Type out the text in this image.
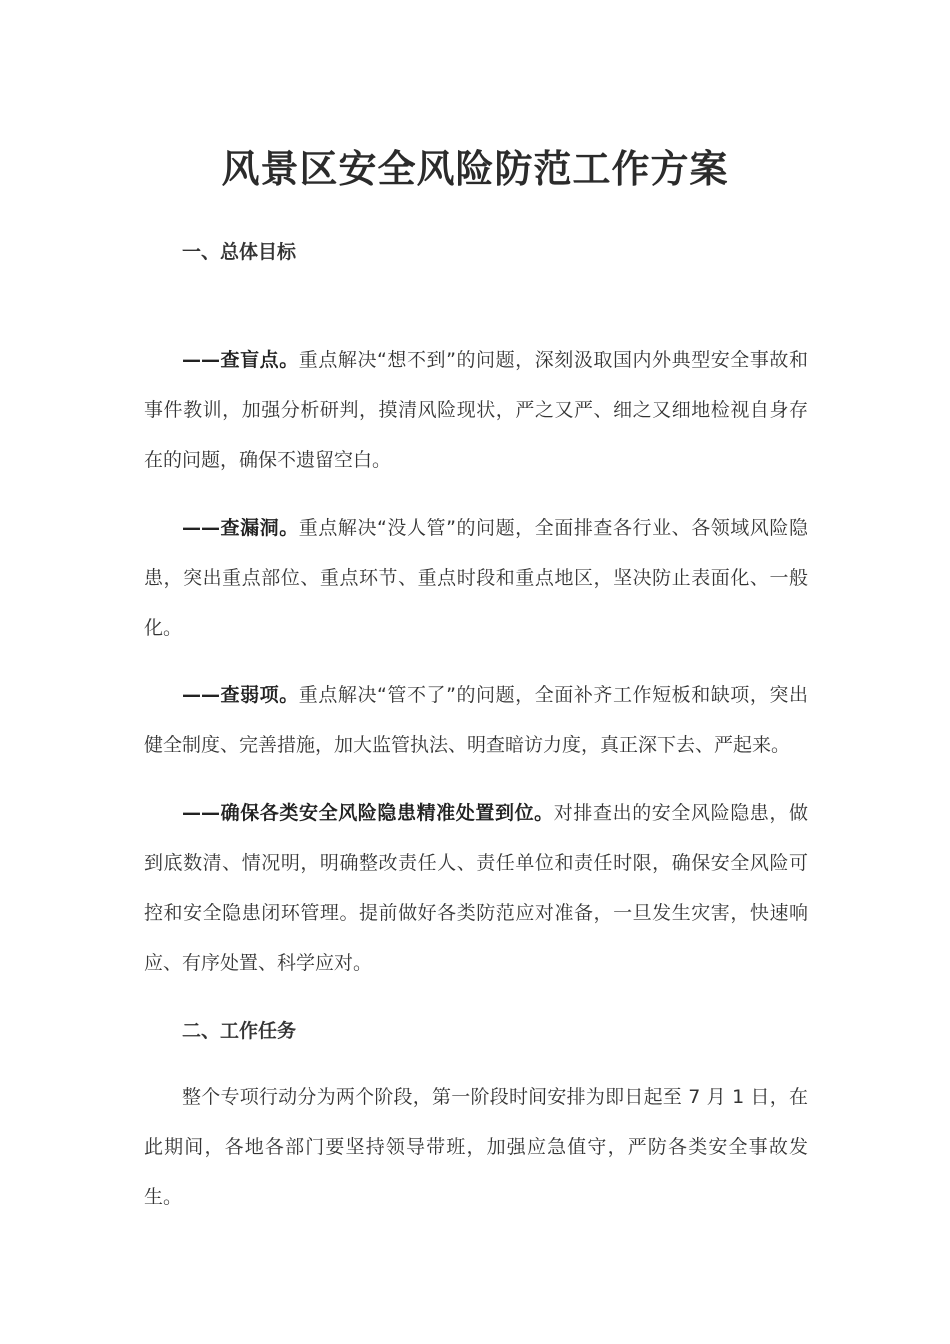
风景区安全风险防范工作方案
一、总体目标

——查盲点。重点解决“想不到”的问题，深刻汲取国内外典型安全事故和事件教训，加强分析研判，摸清风险现状，严之又严、细之又细地检视自身存在的问题，确保不遗留空白。

——查漏洞。重点解决“没人管”的问题，全面排查各行业、各领域风险隐患，突出重点部位、重点环节、重点时段和重点地区，坚决防止表面化、一般化。

——查弱项。重点解决“管不了”的问题，全面补齐工作短板和缺项，突出健全制度、完善措施，加大监管执法、明查暗访力度，真正深下去、严起来。

——确保各类安全风险隐患精准处置到位。对排查出的安全风险隐患，做到底数清、情况明，明确整改责任人、责任单位和责任时限，确保安全风险可控和安全隐患闭环管理。提前做好各类防范应对准备，一旦发生灾害，快速响应、有序处置、科学应对。

二、工作任务

整个专项行动分为两个阶段，第一阶段时间安排为即日起至 7 月 1 日，在此期间，各地各部门要坚持领导带班，加强应急值守，严防各类安全事故发生。
